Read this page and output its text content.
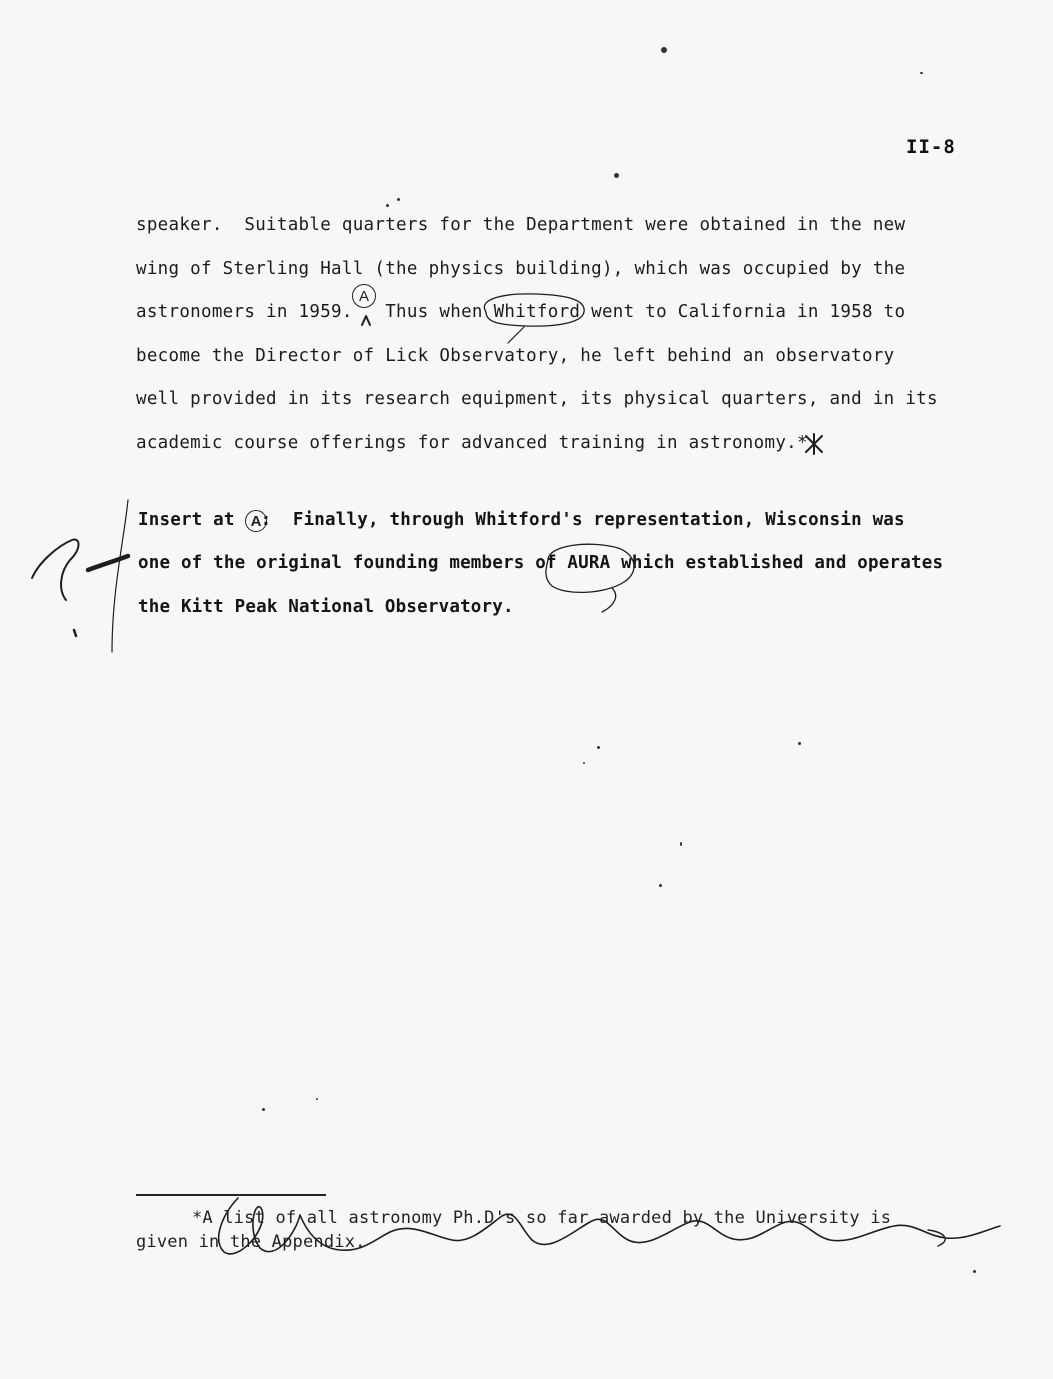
II-8
speaker.  Suitable quarters for the Department were obtained in the new
wing of Sterling Hall (the physics building), which was occupied by the
astronomers in 1959.   Thus when Whitford went to California in 1958 to
become the Director of Lick Observatory, he left behind an observatory
well provided in its research equipment, its physical quarters, and in its
academic course offerings for advanced training in astronomy.*
A
Insert at :  Finally, through Whitford's representation, Wisconsin was
A
one of the original founding members of AURA which established and operates
the Kitt Peak National Observatory.
*A list of all astronomy Ph.D's so far awarded by the University is
given in the Appendix.
